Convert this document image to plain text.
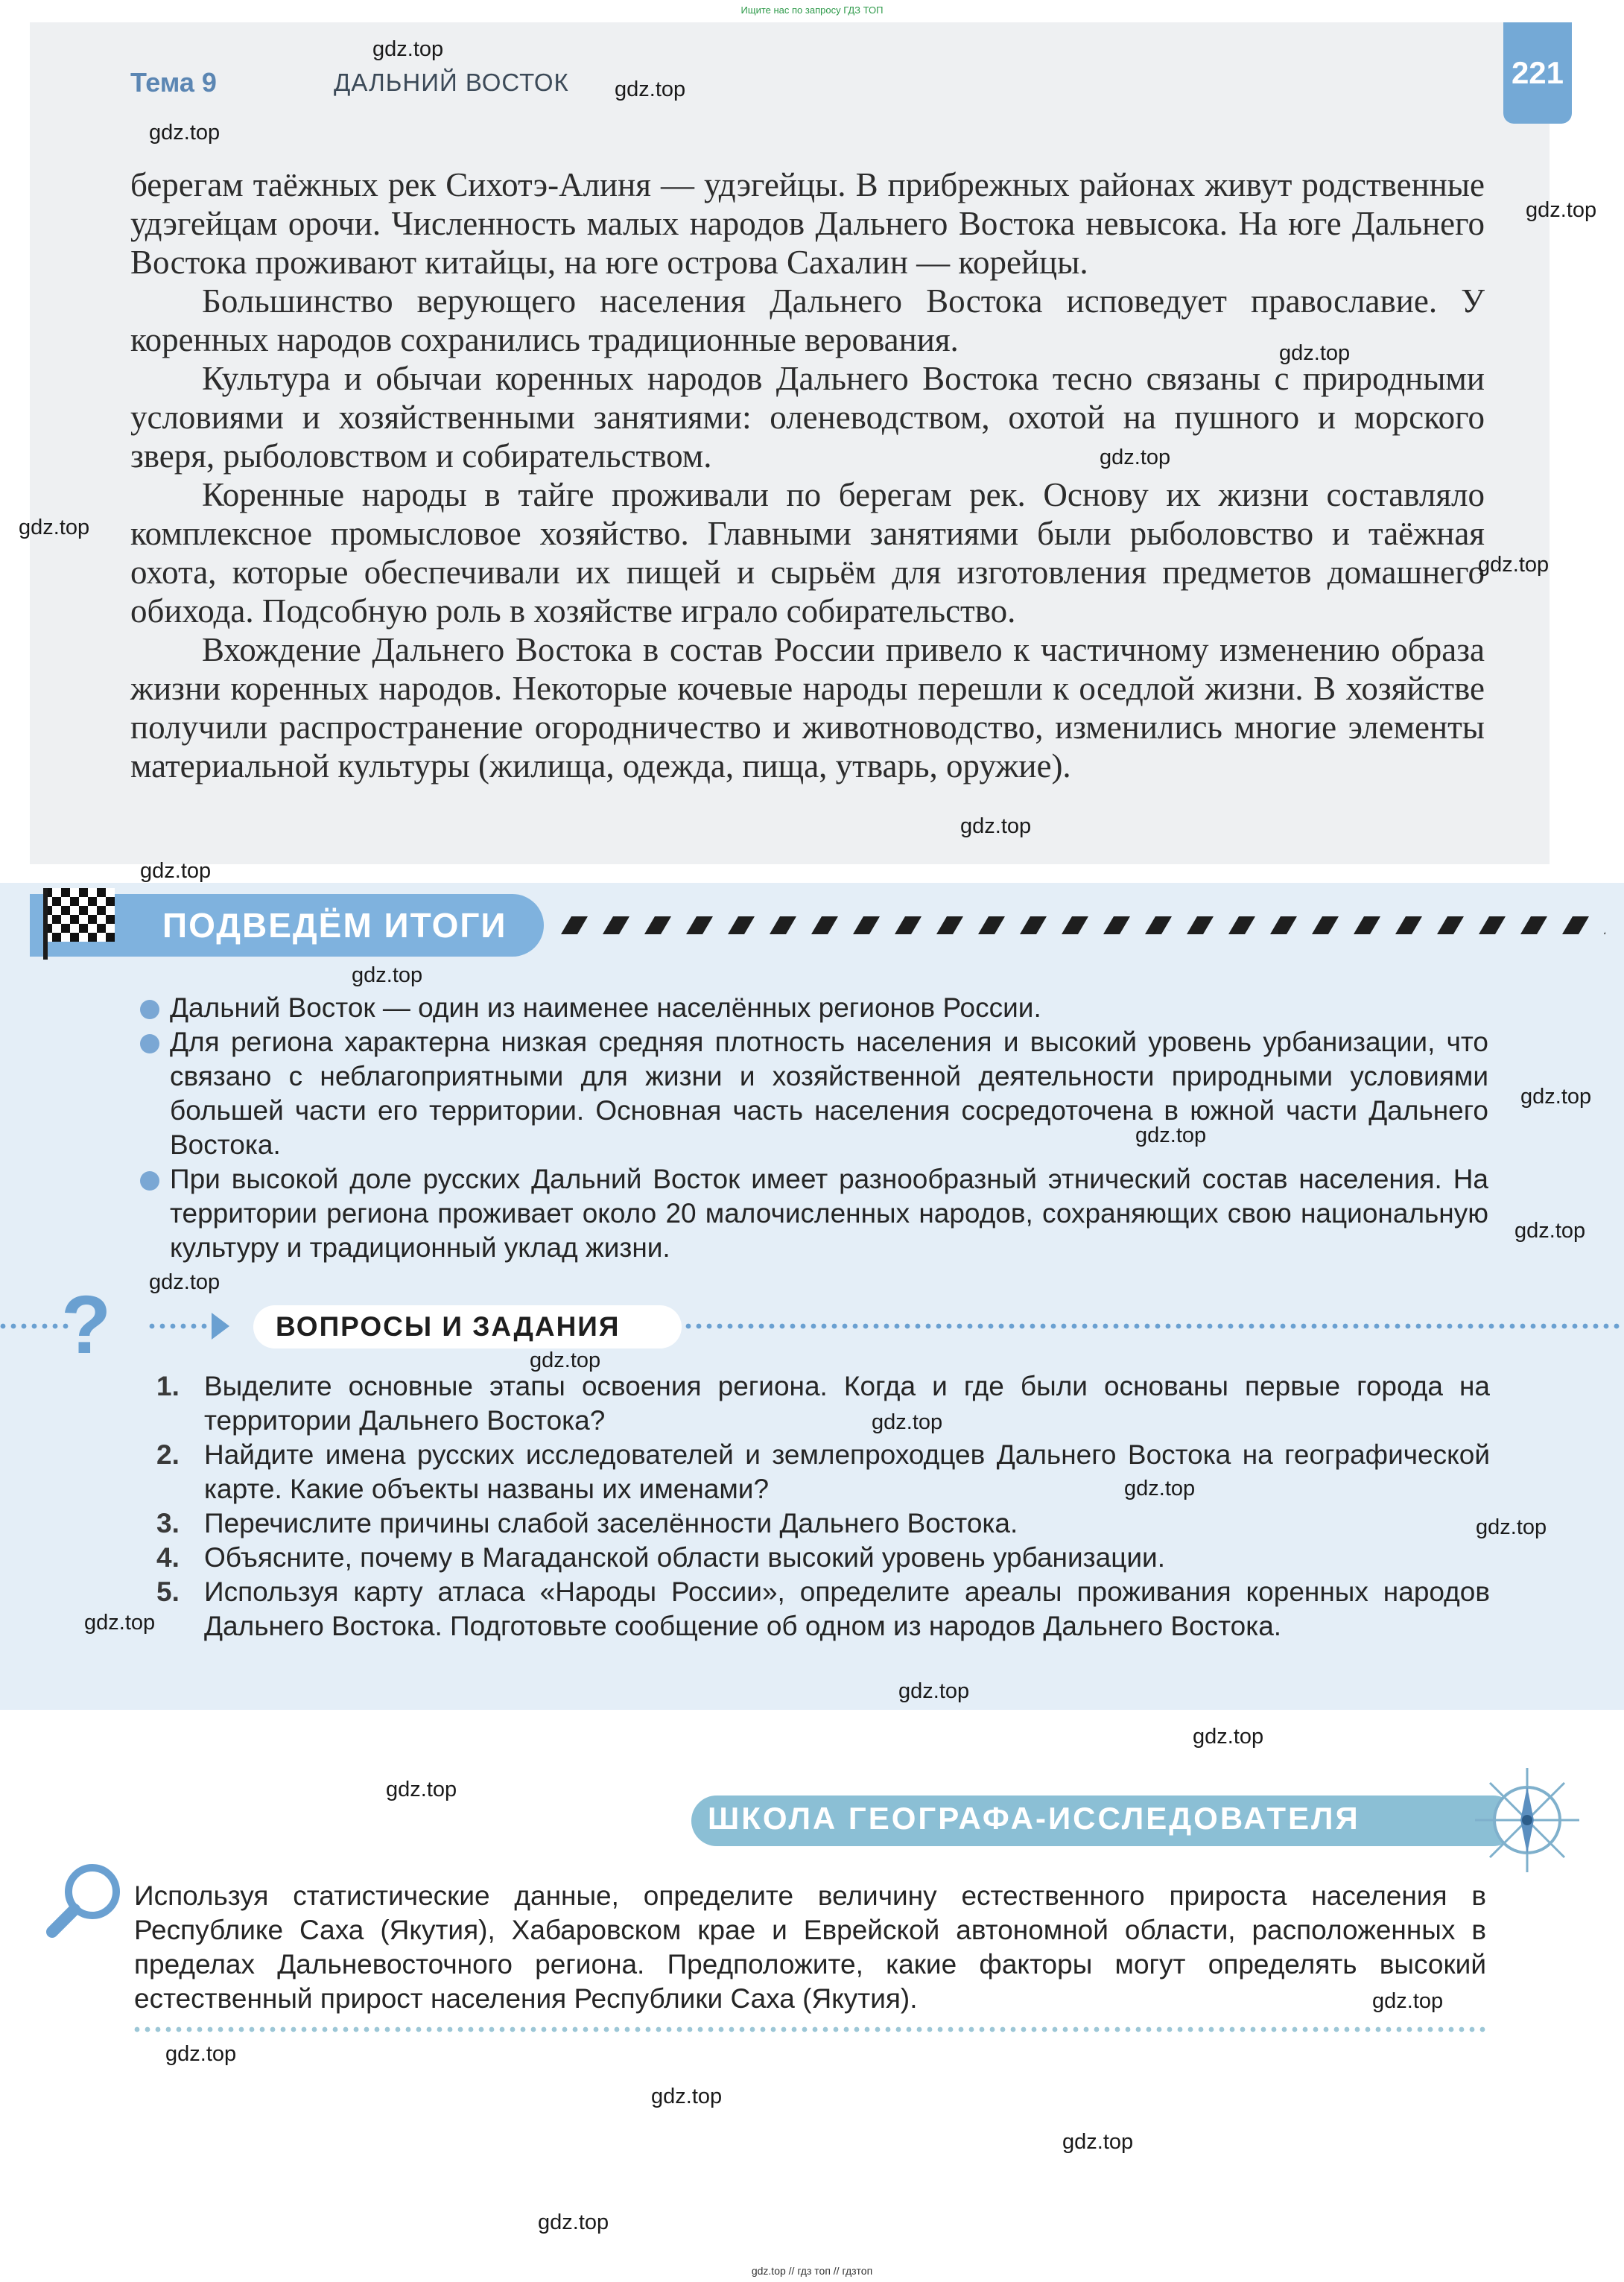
Ищите нас по запросу ГДЗ ТОП
Тема 9	ДАЛЬНИЙ ВОСТОК	221

берегам таёжных рек Сихотэ-Алиня — удэгейцы. В прибрежных районах живут родственные удэгейцам орочи. Численность малых народов Дальнего Востока невысока. На юге Дальнего Востока проживают китайцы, на юге острова Сахалин — корейцы.

Большинство верующего населения Дальнего Востока исповедует православие. У коренных народов сохранились традиционные верования.

Культура и обычаи коренных народов Дальнего Востока тесно связаны с природными условиями и хозяйственными занятиями: оленеводством, охотой на пушного и морского зверя, рыболовством и собирательством.

Коренные народы в тайге проживали по берегам рек. Основу их жизни составляло комплексное промысловое хозяйство. Главными занятиями были рыболовство и таёжная охота, которые обеспечивали их пищей и сырьём для изготовления предметов домашнего обихода. Подсобную роль в хозяйстве играло собирательство.

Вхождение Дальнего Востока в состав России привело к частичному изменению образа жизни коренных народов. Некоторые кочевые народы перешли к оседлой жизни. В хозяйстве получили распространение огородничество и животноводство, изменились многие элементы материальной культуры (жилища, одежда, пища, утварь, оружие).

ПОДВЕДЁМ ИТОГИ
Дальний Восток — один из наименее населённых регионов России.
Для региона характерна низкая средняя плотность населения и высокий уровень урбанизации, что связано с неблагоприятными для жизни и хозяйственной деятельности природными условиями большей части его территории. Основная часть населения сосредоточена в южной части Дальнего Востока.
При высокой доле русских Дальний Восток имеет разнообразный этнический состав населения. На территории региона проживает около 20 малочисленных народов, сохраняющих свою национальную культуру и традиционный уклад жизни.
?	ВОПРОСЫ И ЗАДАНИЯ
1. Выделите основные этапы освоения региона. Когда и где были основаны первые города на территории Дальнего Востока?
2. Найдите имена русских исследователей и землепроходцев Дальнего Востока на географической карте. Какие объекты названы их именами?
3. Перечислите причины слабой заселённости Дальнего Востока.
4. Объясните, почему в Магаданской области высокий уровень урбанизации.
5. Используя карту атласа «Народы России», определите ареалы проживания коренных народов Дальнего Востока. Подготовьте сообщение об одном из народов Дальнего Востока.
ШКОЛА ГЕОГРАФА-ИССЛЕДОВАТЕЛЯ

Используя статистические данные, определите величину естественного прироста населения в Республике Саха (Якутия), Хабаровском крае и Еврейской автономной области, расположенных в пределах Дальневосточного региона. Предположите, какие факторы могут определять высокий естественный прирост населения Республики Саха (Якутия).

gdz.top
gdz.top
gdz.top
gdz.top
gdz.top
gdz.top
gdz.top
gdz.top
gdz.top
gdz.top
gdz.top
gdz.top
gdz.top
gdz.top
gdz.top
gdz.top
gdz.top
gdz.top
gdz.top
gdz.top
gdz.top
gdz.top
gdz.top
gdz.top
gdz.top
gdz.top
gdz.top
gdz.top
gdz.top // гдз топ // гдзтоп
